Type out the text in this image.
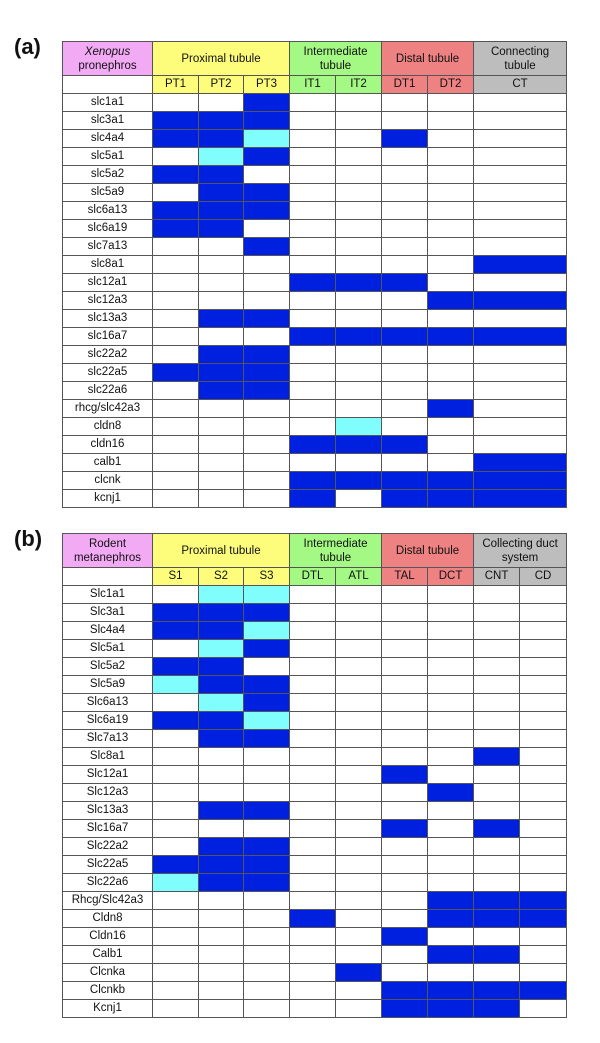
(a)	Xenopus
pronephros	Proximal tubule			Intermediate tubule		Distal tubule		Connecting tubule
	PT1	PT2	PT3	IT1	IT2	DT1	DT2	CT
slc1a1								
slc3a1								
slc4a4								
slc5a1								
slc5a2								
slc5a9								
slc6a13								
slc6a19								
slc7a13								
slc8a1								
slc12a1								
slc12a3								
slc13a3								
slc16a7								
slc22a2								
slc22a5								
slc22a6								
rhcg/slc42a3								
cldn8								
cldn16								
calb1								
clcnk								
kcnj1								
(b)	Rodent
metanephros	Proximal tubule			Intermediate tubule		Distal tubule		Collecting duct system	
	S1	S2	S3	DTL	ATL	TAL	DCT	CNT	CD
Slc1a1									
Slc3a1									
Slc4a4									
Slc5a1									
Slc5a2									
Slc5a9									
Slc6a13									
Slc6a19									
Slc7a13									
Slc8a1									
Slc12a1									
Slc12a3									
Slc13a3									
Slc16a7									
Slc22a2									
Slc22a5									
Slc22a6									
Rhcg/Slc42a3									
Cldn8									
Cldn16									
Calb1									
Clcnka									
Clcnkb									
Kcnj1									
